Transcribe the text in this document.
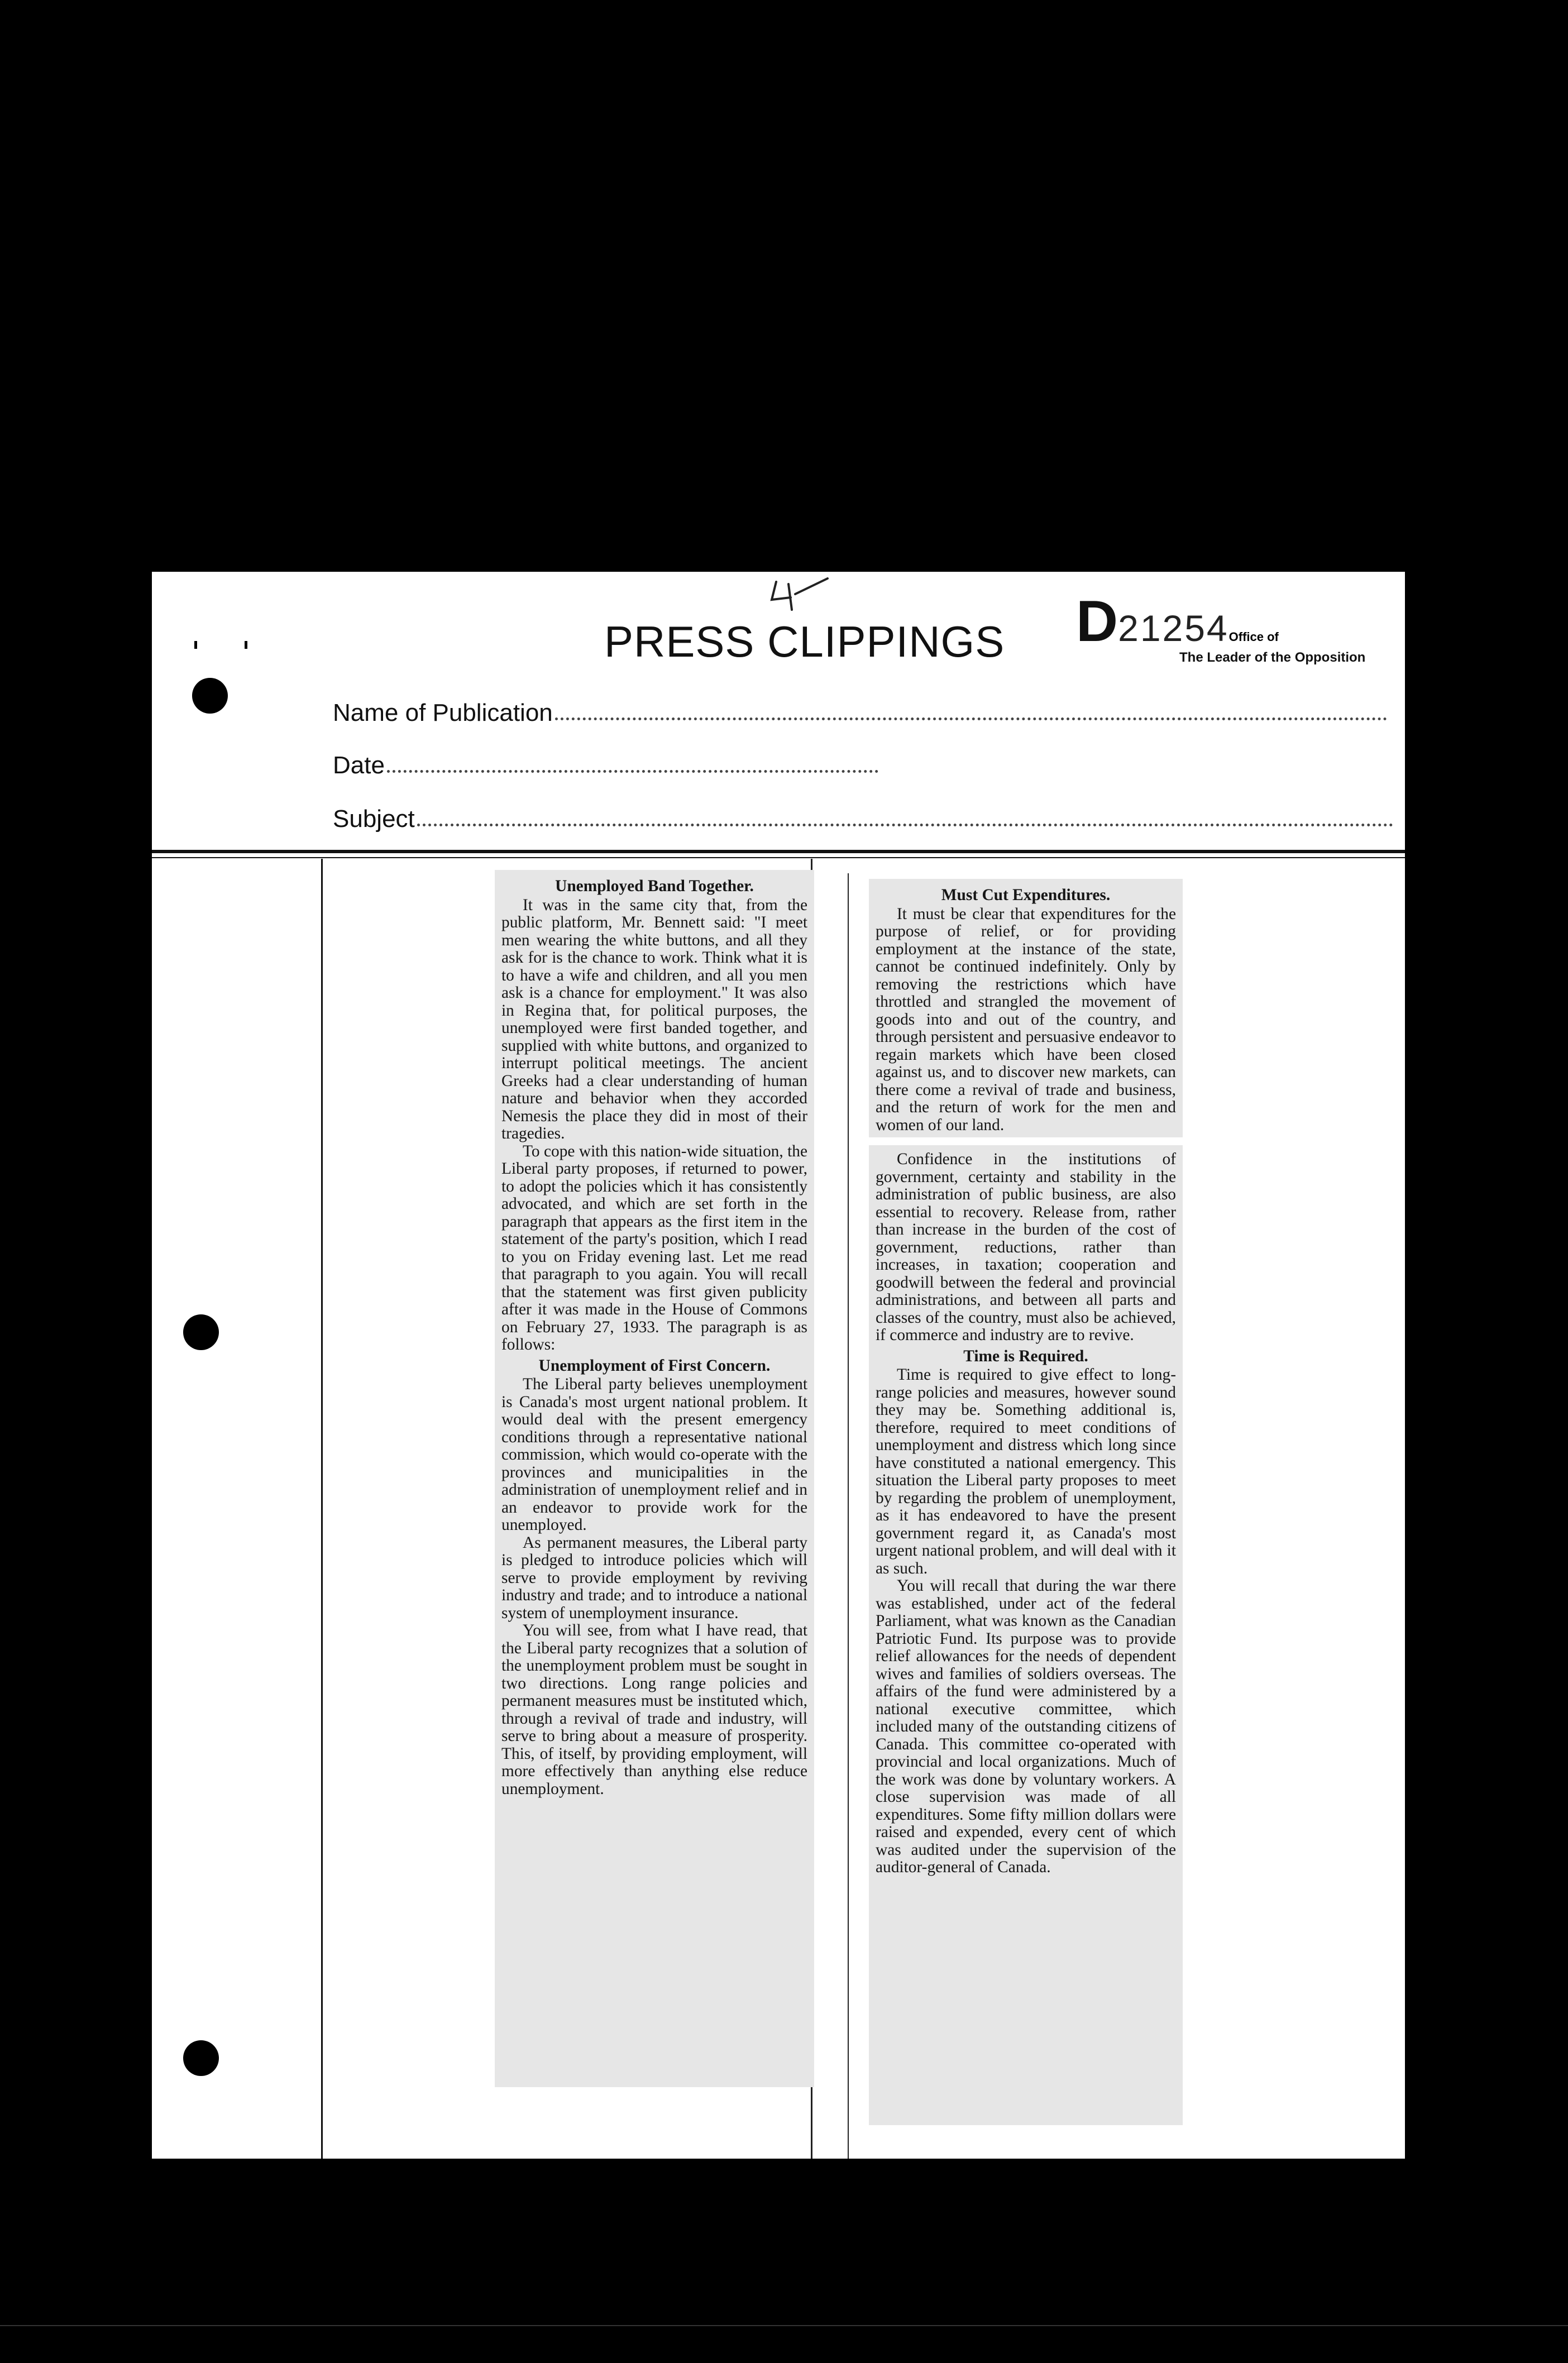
PRESS CLIPPINGS D21254Office of
The Leader of the Opposition
Name of Publication
Date
Subject
Unemployed Band Together.

It was in the same city that, from the public platform, Mr. Bennett said: "I meet men wearing the white buttons, and all they ask for is the chance to work. Think what it is to have a wife and children, and all you men ask is a chance for employment." It was also in Regina that, for political purposes, the unemployed were first banded together, and supplied with white buttons, and organized to interrupt political meetings. The ancient Greeks had a clear understanding of human nature and behavior when they accorded Nemesis the place they did in most of their tragedies.

To cope with this nation-wide situation, the Liberal party proposes, if returned to power, to adopt the policies which it has consistently advocated, and which are set forth in the paragraph that appears as the first item in the statement of the party's position, which I read to you on Friday evening last. Let me read that paragraph to you again. You will recall that the statement was first given publicity after it was made in the House of Commons on February 27, 1933. The paragraph is as follows:

Unemployment of First Concern.

The Liberal party believes unemployment is Canada's most urgent national problem. It would deal with the present emergency conditions through a representative national commission, which would co-operate with the provinces and municipalities in the administration of unemployment relief and in an endeavor to provide work for the unemployed.

As permanent measures, the Liberal party is pledged to introduce policies which will serve to provide employment by reviving industry and trade; and to introduce a national system of unemployment insurance.

You will see, from what I have read, that the Liberal party recognizes that a solution of the unemployment problem must be sought in two directions. Long range policies and permanent measures must be instituted which, through a revival of trade and industry, will serve to bring about a measure of prosperity. This, of itself, by providing employment, will more effectively than anything else reduce unemployment.

Must Cut Expenditures.

It must be clear that expenditures for the purpose of relief, or for providing employment at the instance of the state, cannot be continued indefinitely. Only by removing the restrictions which have throttled and strangled the movement of goods into and out of the country, and through persistent and persuasive endeavor to regain markets which have been closed against us, and to discover new markets, can there come a revival of trade and business, and the return of work for the men and women of our land.

Confidence in the institutions of government, certainty and stability in the administration of public business, are also essential to recovery. Release from, rather than increase in the burden of the cost of government, reductions, rather than increases, in taxation; cooperation and goodwill between the federal and provincial administrations, and between all parts and classes of the country, must also be achieved, if commerce and industry are to revive.

Time is Required.

Time is required to give effect to long-range policies and measures, however sound they may be. Something additional is, therefore, required to meet conditions of unemployment and distress which long since have constituted a national emergency. This situation the Liberal party proposes to meet by regarding the problem of unemployment, as it has endeavored to have the present government regard it, as Canada's most urgent national problem, and will deal with it as such.

You will recall that during the war there was established, under act of the federal Parliament, what was known as the Canadian Patriotic Fund. Its purpose was to provide relief allowances for the needs of dependent wives and families of soldiers overseas. The affairs of the fund were administered by a national executive committee, which included many of the outstanding citizens of Canada. This committee co-operated with provincial and local organizations. Much of the work was done by voluntary workers. A close supervision was made of all expenditures. Some fifty million dollars were raised and expended, every cent of which was audited under the supervision of the auditor-general of Canada.
